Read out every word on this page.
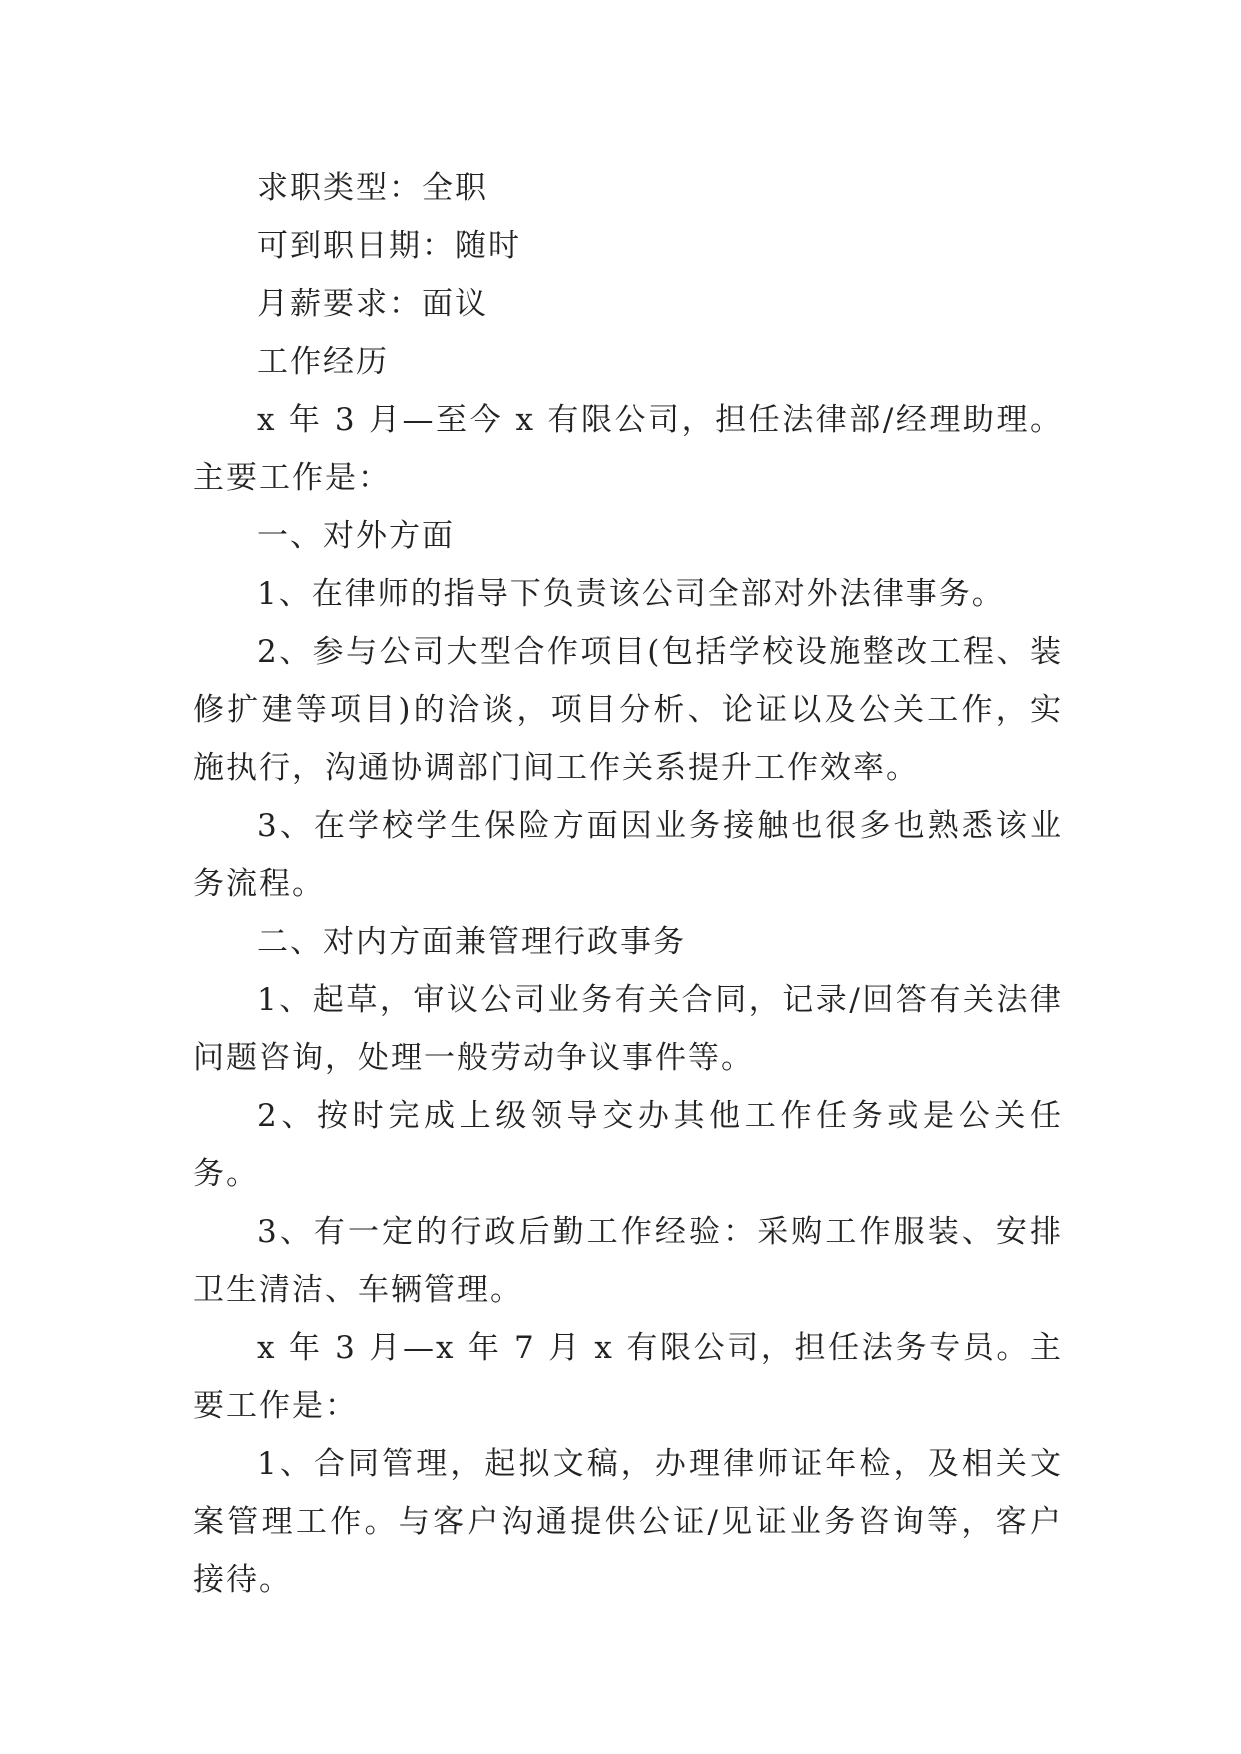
求职类型：全职

可到职日期：随时

月薪要求：面议

工作经历

x 年 3 月—至今 x 有限公司，担任法律部/经理助理。主要工作是：

一、对外方面

1、在律师的指导下负责该公司全部对外法律事务。

2、参与公司大型合作项目(包括学校设施整改工程、装修扩建等项目)的洽谈，项目分析、论证以及公关工作，实施执行，沟通协调部门间工作关系提升工作效率。

3、在学校学生保险方面因业务接触也很多也熟悉该业务流程。

二、对内方面兼管理行政事务

1、起草，审议公司业务有关合同，记录/回答有关法律问题咨询，处理一般劳动争议事件等。

2、按时完成上级领导交办其他工作任务或是公关任务。

3、有一定的行政后勤工作经验：采购工作服装、安排卫生清洁、车辆管理。

x 年 3 月—x 年 7 月 x 有限公司，担任法务专员。主要工作是：

1、合同管理，起拟文稿，办理律师证年检，及相关文案管理工作。与客户沟通提供公证/见证业务咨询等，客户接待。
